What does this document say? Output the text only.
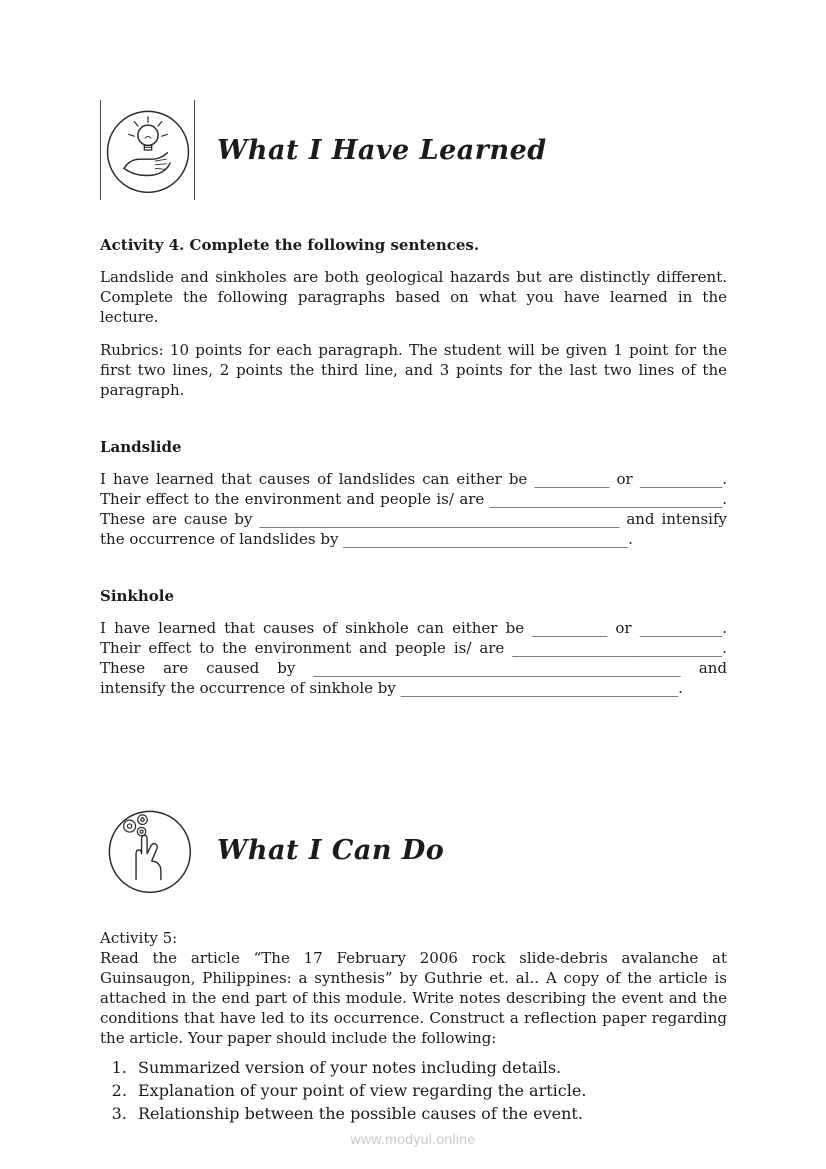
What I Have Learned

Activity 4. Complete the following sentences.

Landslide and sinkholes are both geological hazards but are distinctly different. Complete the following paragraphs based on what you have learned in the lecture.

Rubrics: 10 points for each paragraph. The student will be given 1 point for the first two lines, 2 points the third line, and 3 points for the last two lines of the paragraph.

Landslide

I have learned that causes of landslides can either be __________ or ___________. Their effect to the environment and people is/ are _______________________________. These are cause by ________________________________________________ and intensify the occurrence of landslides by ______________________________________.

Sinkhole

I have learned that causes of sinkhole can either be __________ or ___________. Their effect to the environment and people is/ are ____________________________. These are caused by _________________________________________________ and intensify the occurrence of sinkhole by _____________________________________.

What I Can Do

Activity 5:

Read the article “The 17 February 2006 rock slide-debris avalanche at Guinsaugon, Philippines: a synthesis” by Guthrie et. al.. A copy of the article is attached in the end part of this module. Write notes describing the event and the conditions that have led to its occurrence. Construct a reflection paper regarding the article. Your paper should include the following:

1. Summarized version of your notes including details.
2. Explanation of your point of view regarding the article.
3. Relationship between the possible causes of the event.
www.modyul.online
